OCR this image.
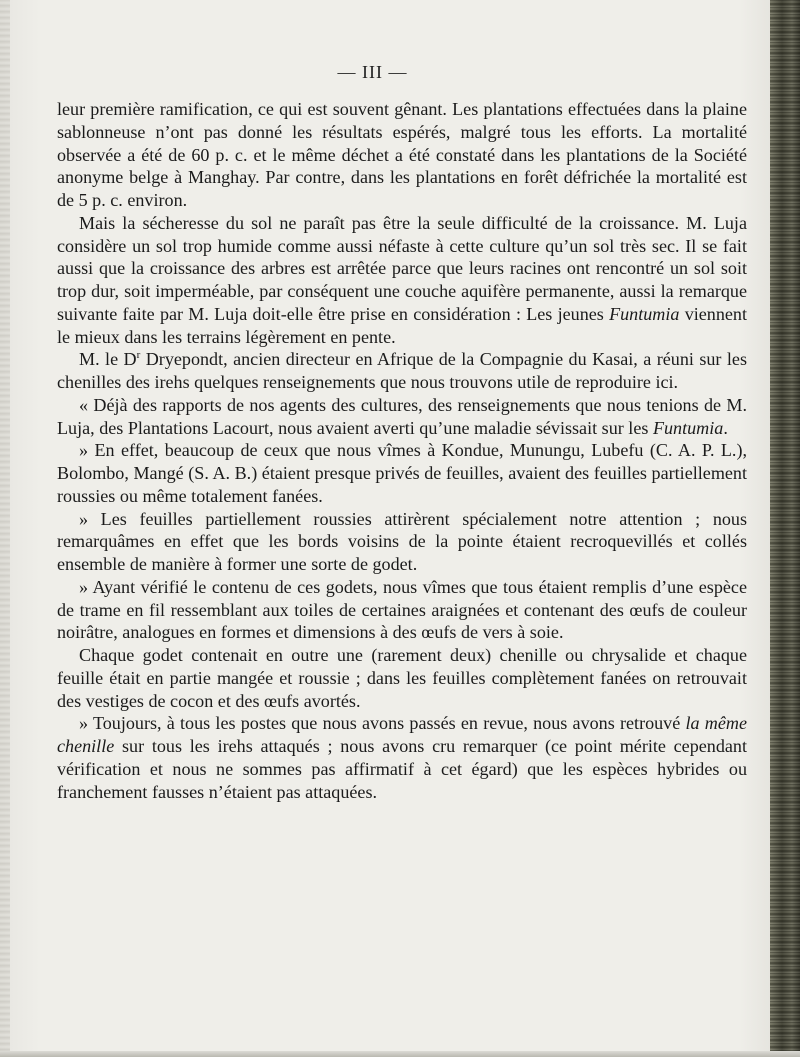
— III —

leur première ramification, ce qui est souvent gênant. Les plantations effectuées dans la plaine sablonneuse n’ont pas donné les résultats espérés, malgré tous les efforts. La mortalité observée a été de 60 p. c. et le même déchet a été constaté dans les plantations de la Société anonyme belge à Manghay. Par contre, dans les plantations en forêt défrichée la mortalité est de 5 p. c. environ.

Mais la sécheresse du sol ne paraît pas être la seule difficulté de la croissance. M. Luja considère un sol trop humide comme aussi néfaste à cette culture qu’un sol très sec. Il se fait aussi que la croissance des arbres est arrêtée parce que leurs racines ont rencontré un sol soit trop dur, soit imperméable, par conséquent une couche aquifère permanente, aussi la remarque suivante faite par M. Luja doit-elle être prise en considération : Les jeunes Funtumia viennent le mieux dans les terrains légèrement en pente.

M. le $D^r$ Dryepondt, ancien directeur en Afrique de la Compagnie du Kasai, a réuni sur les chenilles des irehs quelques renseignements que nous trouvons utile de reproduire ici.

« Déjà des rapports de nos agents des cultures, des renseignements que nous tenions de M. Luja, des Plantations Lacourt, nous avaient averti qu’une maladie sévissait sur les Funtumia.

» En effet, beaucoup de ceux que nous vîmes à Kondue, Munungu, Lubefu (C. A. P. L.), Bolombo, Mangé (S. A. B.) étaient presque privés de feuilles, avaient des feuilles partiellement roussies ou même totalement fanées.

» Les feuilles partiellement roussies attirèrent spécialement notre attention ; nous remarquâmes en effet que les bords voisins de la pointe étaient recroquevillés et collés ensemble de manière à former une sorte de godet.

» Ayant vérifié le contenu de ces godets, nous vîmes que tous étaient remplis d’une espèce de trame en fil ressemblant aux toiles de certaines araignées et contenant des œufs de couleur noirâtre, analogues en formes et dimensions à des œufs de vers à soie.

Chaque godet contenait en outre une (rarement deux) chenille ou chrysalide et chaque feuille était en partie mangée et roussie ; dans les feuilles complètement fanées on retrouvait des vestiges de cocon et des œufs avortés.

» Toujours, à tous les postes que nous avons passés en revue, nous avons retrouvé la même chenille sur tous les irehs attaqués ; nous avons cru remarquer (ce point mérite cependant vérification et nous ne sommes pas affirmatif à cet égard) que les espèces hybrides ou franchement fausses n’étaient pas attaquées.
